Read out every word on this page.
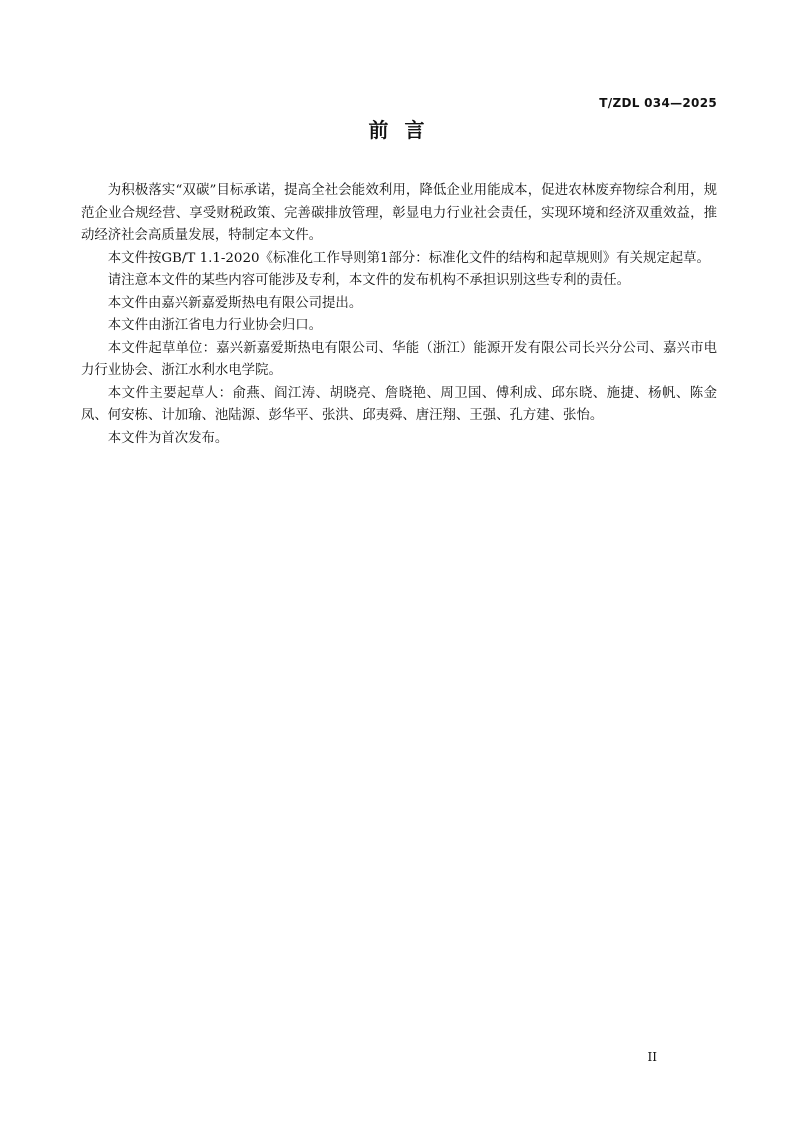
T/ZDL 034—2025
前言

为积极落实“双碳”目标承诺，提高全社会能效利用，降低企业用能成本，促进农林废弃物综合利用，规范企业合规经营、享受财税政策、完善碳排放管理，彰显电力行业社会责任，实现环境和经济双重效益，推动经济社会高质量发展，特制定本文件。

本文件按GB/T 1.1-2020《标准化工作导则第1部分：标准化文件的结构和起草规则》有关规定起草。

请注意本文件的某些内容可能涉及专利，本文件的发布机构不承担识别这些专利的责任。

本文件由嘉兴新嘉爱斯热电有限公司提出。

本文件由浙江省电力行业协会归口。

本文件起草单位：嘉兴新嘉爱斯热电有限公司、华能（浙江）能源开发有限公司长兴分公司、嘉兴市电力行业协会、浙江水利水电学院。

本文件主要起草人：俞燕、阎江涛、胡晓亮、詹晓艳、周卫国、傅利成、邱东晓、施捷、杨帆、陈金凤、何安栋、计加瑜、池陆源、彭华平、张洪、邱夷舜、唐汪翔、王强、孔方建、张怡。

本文件为首次发布。

II
